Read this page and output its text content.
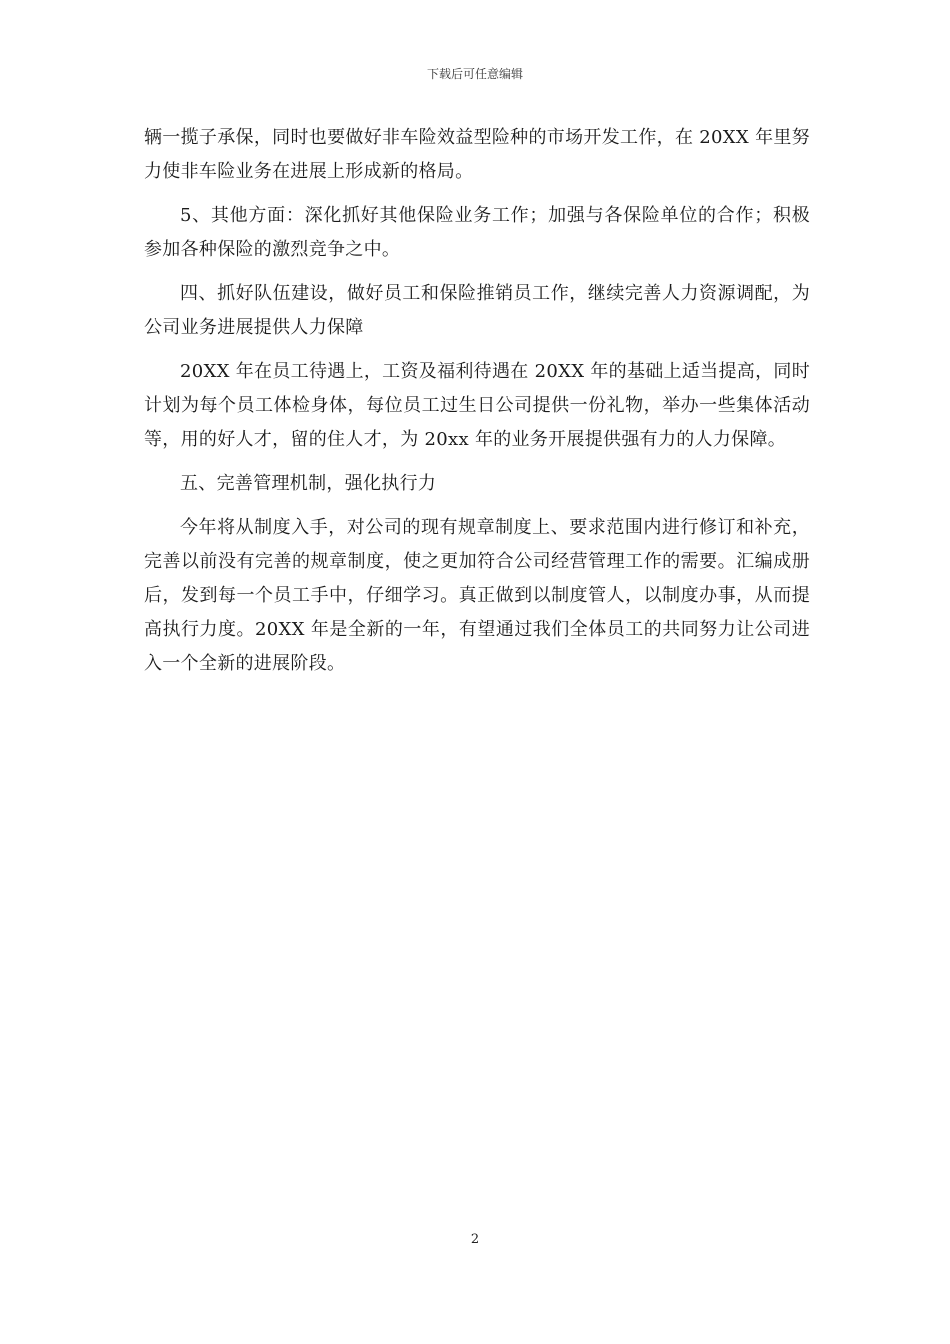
下载后可任意编辑

辆一揽子承保，同时也要做好非车险效益型险种的市场开发工作，在 20XX 年里努力使非车险业务在进展上形成新的格局。

5、其他方面：深化抓好其他保险业务工作；加强与各保险单位的合作；积极参加各种保险的激烈竞争之中。

四、抓好队伍建设，做好员工和保险推销员工作，继续完善人力资源调配，为公司业务进展提供人力保障

20XX 年在员工待遇上，工资及福利待遇在 20XX 年的基础上适当提高，同时计划为每个员工体检身体，每位员工过生日公司提供一份礼物，举办一些集体活动等，用的好人才，留的住人才，为 20xx 年的业务开展提供强有力的人力保障。

五、完善管理机制，强化执行力

今年将从制度入手，对公司的现有规章制度上、要求范围内进行修订和补充，完善以前没有完善的规章制度，使之更加符合公司经营管理工作的需要。汇编成册后，发到每一个员工手中，仔细学习。真正做到以制度管人，以制度办事，从而提高执行力度。20XX 年是全新的一年，有望通过我们全体员工的共同努力让公司进入一个全新的进展阶段。

2
